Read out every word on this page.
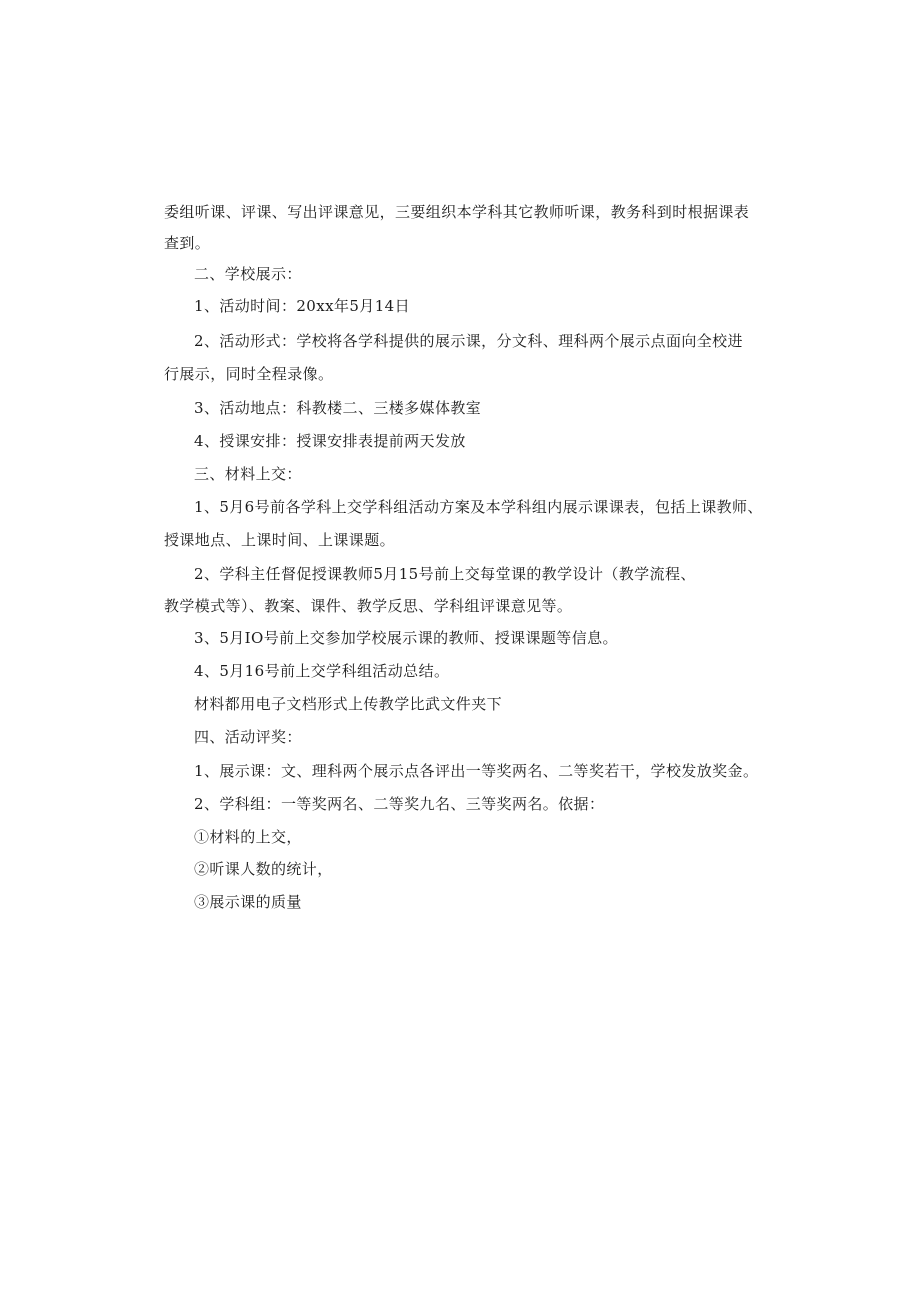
委组听课、评课、写出评课意见，三要组织本学科其它教师听课，教务科到时根据课表
查到。
二、学校展示：
1、活动时间：20xx年5月14日
2、活动形式：学校将各学科提供的展示课，分文科、理科两个展示点面向全校进
行展示，同时全程录像。
3、活动地点：科教楼二、三楼多媒体教室
4、授课安排：授课安排表提前两天发放
三、材料上交：
1、5月6号前各学科上交学科组活动方案及本学科组内展示课课表，包括上课教师、
授课地点、上课时间、上课课题。
2、学科主任督促授课教师5月15号前上交每堂课的教学设计（教学流程、
教学模式等）、教案、课件、教学反思、学科组评课意见等。
3、5月IO号前上交参加学校展示课的教师、授课课题等信息。
4、5月16号前上交学科组活动总结。
材料都用电子文档形式上传教学比武文件夹下
四、活动评奖：
1、展示课：文、理科两个展示点各评出一等奖两名、二等奖若干，学校发放奖金。
2、学科组：一等奖两名、二等奖九名、三等奖两名。依据：
①材料的上交，
②听课人数的统计，
③展示课的质量
